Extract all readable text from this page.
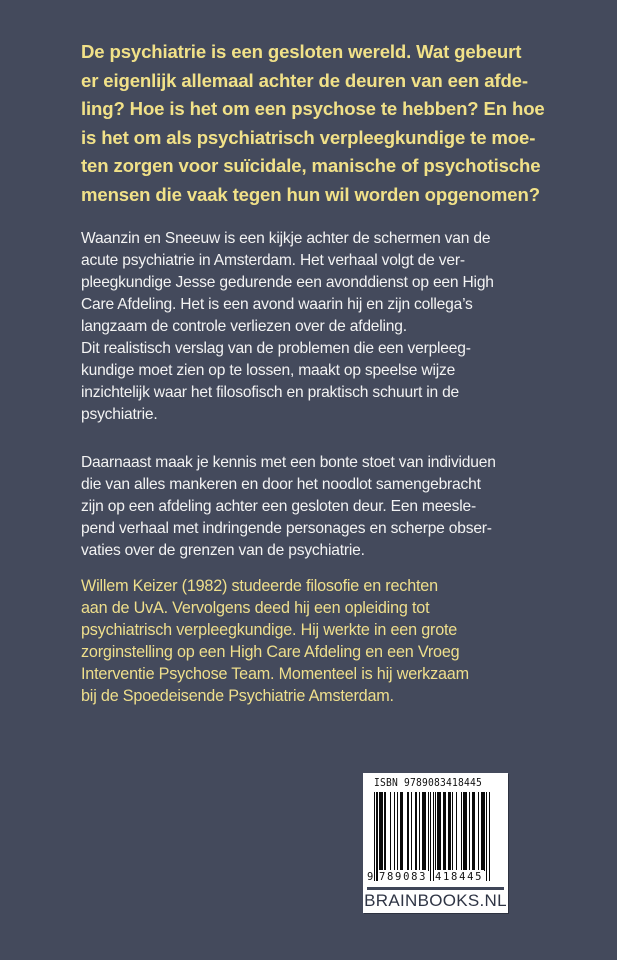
De psychiatrie is een gesloten wereld. Wat gebeurt
er eigenlijk allemaal achter de deuren van een afde-
ling? Hoe is het om een psychose te hebben? En hoe
is het om als psychiatrisch verpleegkundige te moe-
ten zorgen voor suïcidale, manische of psychotische
mensen die vaak tegen hun wil worden opgenomen?
Waanzin en Sneeuw is een kijkje achter de schermen van de
acute psychiatrie in Amsterdam. Het verhaal volgt de ver-
pleegkundige Jesse gedurende een avonddienst op een High
Care Afdeling. Het is een avond waarin hij en zijn collega’s
langzaam de controle verliezen over de afdeling.
Dit realistisch verslag van de problemen die een verpleeg-
kundige moet zien op te lossen, maakt op speelse wijze
inzichtelijk waar het filosofisch en praktisch schuurt in de
psychiatrie.
Daarnaast maak je kennis met een bonte stoet van individuen
die van alles mankeren en door het noodlot samengebracht
zijn op een afdeling achter een gesloten deur. Een meesle-
pend verhaal met indringende personages en scherpe obser-
vaties over de grenzen van de psychiatrie.
Willem Keizer (1982) studeerde filosofie en rechten
aan de UvA. Vervolgens deed hij een opleiding tot
psychiatrisch verpleegkundige. Hij werkte in een grote
zorginstelling op een High Care Afdeling en een Vroeg
Interventie Psychose Team. Momenteel is hij werkzaam
bij de Spoedeisende Psychiatrie Amsterdam.
ISBN 9789083418445
9 789083 418445
BRAINBOOKS.NL
